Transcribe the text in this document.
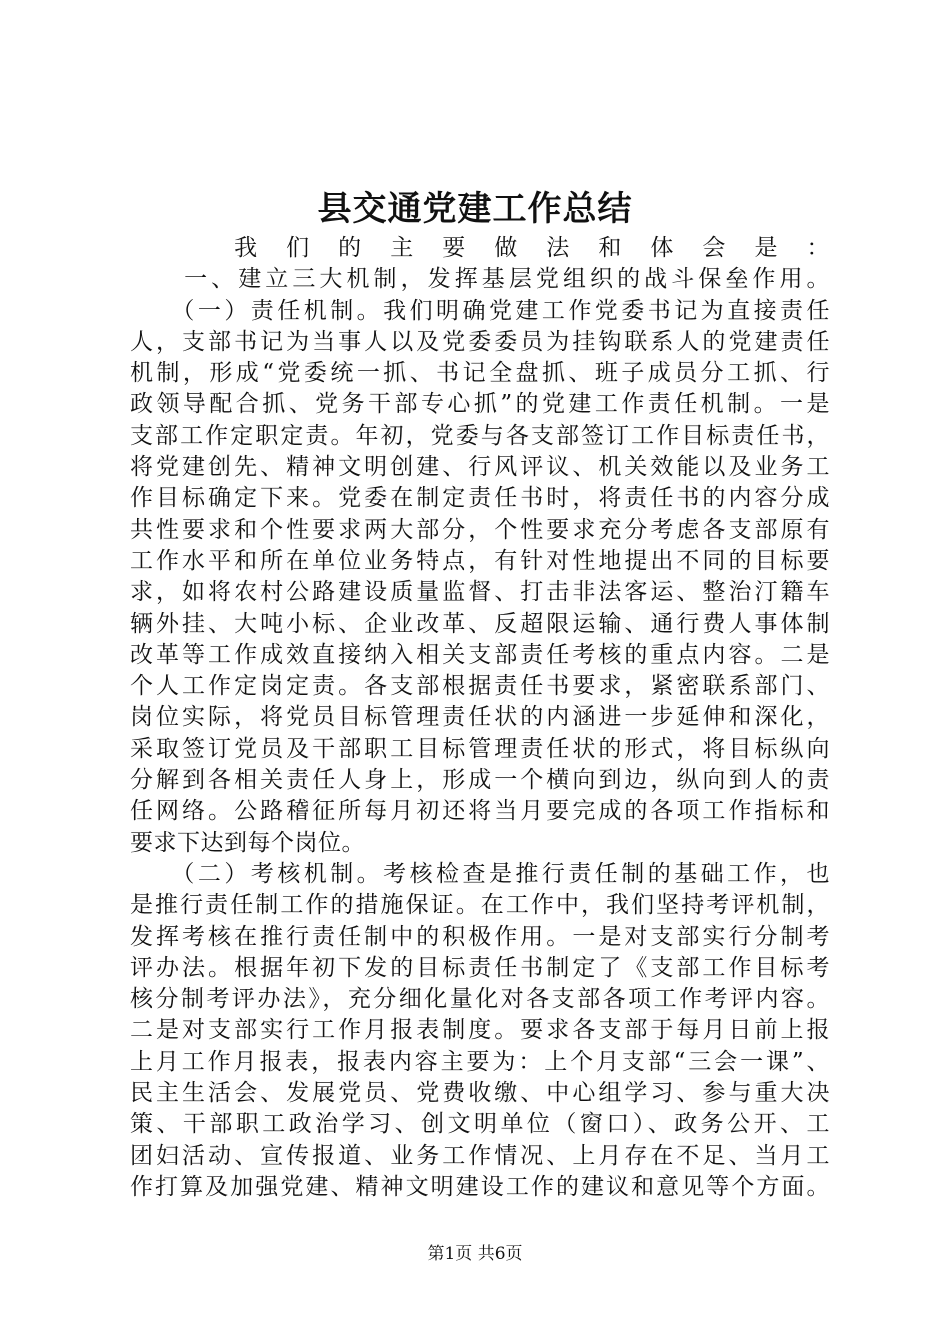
县交通党建工作总结
　　我们的主要做法和体会是：
　　一、建立三大机制，发挥基层党组织的战斗保垒作用。
　　（一）责任机制。我们明确党建工作党委书记为直接责任
人，支部书记为当事人以及党委委员为挂钩联系人的党建责任
机制，形成“党委统一抓、书记全盘抓、班子成员分工抓、行
政领导配合抓、党务干部专心抓”的党建工作责任机制。一是
支部工作定职定责。年初，党委与各支部签订工作目标责任书，
将党建创先、精神文明创建、行风评议、机关效能以及业务工
作目标确定下来。党委在制定责任书时，将责任书的内容分成
共性要求和个性要求两大部分，个性要求充分考虑各支部原有
工作水平和所在单位业务特点，有针对性地提出不同的目标要
求，如将农村公路建设质量监督、打击非法客运、整治汀籍车
辆外挂、大吨小标、企业改革、反超限运输、通行费人事体制
改革等工作成效直接纳入相关支部责任考核的重点内容。二是
个人工作定岗定责。各支部根据责任书要求，紧密联系部门、
岗位实际，将党员目标管理责任状的内涵进一步延伸和深化，
采取签订党员及干部职工目标管理责任状的形式，将目标纵向
分解到各相关责任人身上，形成一个横向到边，纵向到人的责
任网络。公路稽征所每月初还将当月要完成的各项工作指标和
要求下达到每个岗位。
　　（二）考核机制。考核检查是推行责任制的基础工作，也
是推行责任制工作的措施保证。在工作中，我们坚持考评机制，
发挥考核在推行责任制中的积极作用。一是对支部实行分制考
评办法。根据年初下发的目标责任书制定了《支部工作目标考
核分制考评办法》，充分细化量化对各支部各项工作考评内容。
二是对支部实行工作月报表制度。要求各支部于每月日前上报
上月工作月报表，报表内容主要为：上个月支部“三会一课”、
民主生活会、发展党员、党费收缴、中心组学习、参与重大决
策、干部职工政治学习、创文明单位（窗口）、政务公开、工
团妇活动、宣传报道、业务工作情况、上月存在不足、当月工
作打算及加强党建、精神文明建设工作的建议和意见等个方面。
第1页 共6页
